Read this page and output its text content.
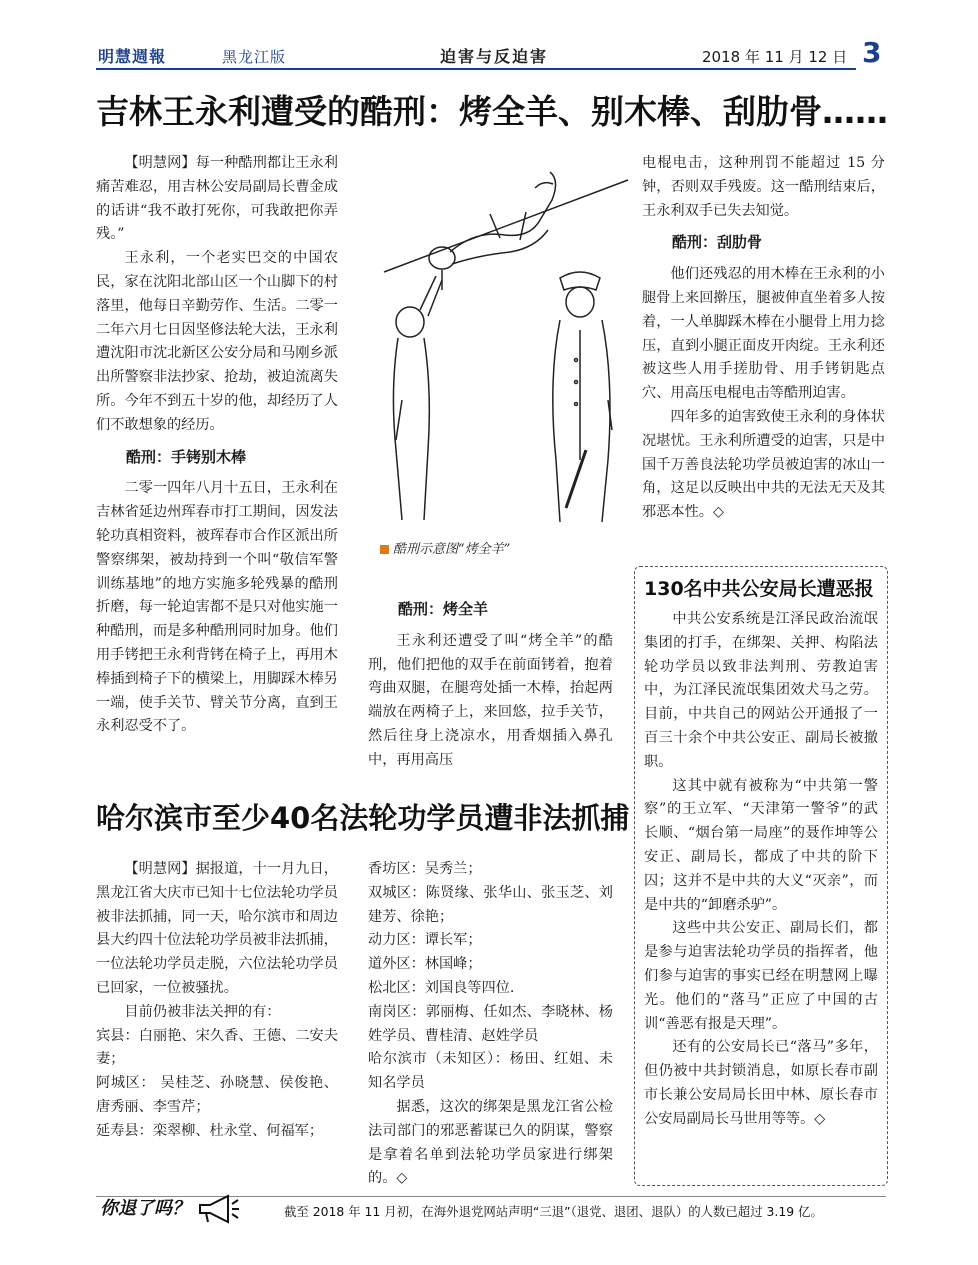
明慧週報	黑龙江版	迫害与反迫害	2018 年 11 月 12 日 3
吉林王永利遭受的酷刑：烤全羊、别木棒、刮肋骨……

【明慧网】每一种酷刑都让王永利痛苦难忍，用吉林公安局副局长曹金成的话讲“我不敢打死你，可我敢把你弄残。”

王永利，一个老实巴交的中国农民，家在沈阳北部山区一个山脚下的村落里，他每日辛勤劳作、生活。二零一二年六月七日因坚修法轮大法，王永利遭沈阳市沈北新区公安分局和马刚乡派出所警察非法抄家、抢劫，被迫流离失所。今年不到五十岁的他，却经历了人们不敢想象的经历。

酷刑：手铐别木棒

二零一四年八月十五日，王永利在吉林省延边州珲春市打工期间，因发法轮功真相资料，被珲春市合作区派出所警察绑架，被劫持到一个叫“敬信军警训练基地”的地方实施多轮残暴的酷刑折磨，每一轮迫害都不是只对他实施一种酷刑，而是多种酷刑同时加身。他们用手铐把王永利背铐在椅子上，再用木棒插到椅子下的横梁上，用脚踩木棒另一端，使手关节、臂关节分离，直到王永利忍受不了。

酷刑示意图“烤全羊”
酷刑：烤全羊

王永利还遭受了叫“烤全羊”的酷刑，他们把他的双手在前面铐着，抱着弯曲双腿，在腿弯处插一木棒，抬起两端放在两椅子上，来回悠，拉手关节，然后往身上浇凉水，用香烟插入鼻孔中，再用高压

电棍电击，这种刑罚不能超过 15 分钟，否则双手残废。这一酷刑结束后，王永利双手已失去知觉。

酷刑：刮肋骨

他们还残忍的用木棒在王永利的小腿骨上来回擀压，腿被伸直坐着多人按着，一人单脚踩木棒在小腿骨上用力捻压，直到小腿正面皮开肉绽。王永利还被这些人用手搓肋骨、用手铐钥匙点穴、用高压电棍电击等酷刑迫害。

四年多的迫害致使王永利的身体状况堪忧。王永利所遭受的迫害，只是中国千万善良法轮功学员被迫害的冰山一角，这足以反映出中共的无法无天及其邪恶本性。◇

130名中共公安局长遭恶报

中共公安系统是江泽民政治流氓集团的打手，在绑架、关押、构陷法轮功学员以致非法判刑、劳教迫害中，为江泽民流氓集团效犬马之劳。目前，中共自己的网站公开通报了一百三十余个中共公安正、副局长被撤职。

这其中就有被称为“中共第一警察”的王立军、“天津第一警爷”的武长顺、“烟台第一局座”的聂作坤等公安正、副局长，都成了中共的阶下囚；这并不是中共的大义“灭亲”，而是中共的“卸磨杀驴”。

这些中共公安正、副局长们，都是参与迫害法轮功学员的指挥者，他们参与迫害的事实已经在明慧网上曝光。他们的“落马”正应了中国的古训“善恶有报是天理”。

还有的公安局长已“落马”多年，但仍被中共封锁消息，如原长春市副市长兼公安局局长田中林、原长春市公安局副局长马世用等等。◇

哈尔滨市至少40名法轮功学员遭非法抓捕

【明慧网】据报道，十一月九日，黑龙江省大庆市已知十七位法轮功学员被非法抓捕，同一天，哈尔滨市和周边县大约四十位法轮功学员被非法抓捕，一位法轮功学员走脱，六位法轮功学员已回家，一位被骚扰。

目前仍被非法关押的有：

宾县：白丽艳、宋久香、王德、二安夫妻；

阿城区： 吴桂芝、孙晓慧、侯俊艳、唐秀丽、李雪芹；

延寿县：栾翠柳、杜永堂、何福军；

香坊区：吴秀兰；

双城区：陈贤缘、张华山、张玉芝、刘建芳、徐艳；

动力区：谭长军；

道外区：林国峰；

松北区：刘国良等四位.

南岗区：郭丽梅、任如杰、李晓林、杨姓学员、曹桂清、赵姓学员

哈尔滨市（未知区）：杨田、红姐、未知名学员

据悉，这次的绑架是黑龙江省公检法司部门的邪恶蓄谋已久的阴谋，警察是拿着名单到法轮功学员家进行绑架的。◇

你退了吗？	截至 2018 年 11 月初，在海外退党网站声明“三退”（退党、退团、退队）的人数已超过 3.19 亿。
